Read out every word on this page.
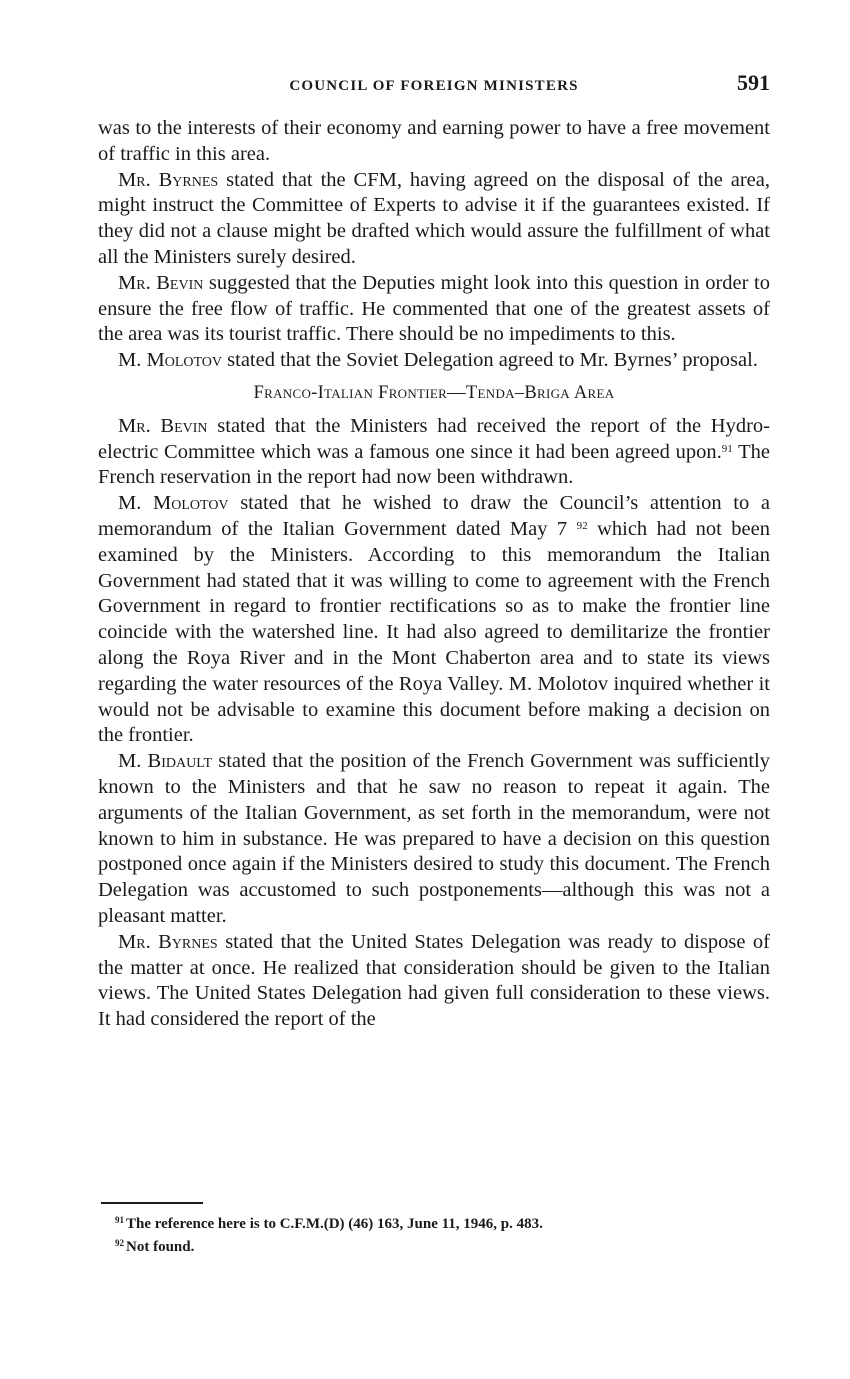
COUNCIL OF FOREIGN MINISTERS	591

was to the interests of their economy and earning power to have a free movement of traffic in this area.

Mr. Byrnes stated that the CFM, having agreed on the disposal of the area, might instruct the Committee of Experts to advise it if the guarantees existed. If they did not a clause might be drafted which would assure the fulfillment of what all the Ministers surely desired.

Mr. Bevin suggested that the Deputies might look into this question in order to ensure the free flow of traffic. He commented that one of the greatest assets of the area was its tourist traffic. There should be no impediments to this.

M. Molotov stated that the Soviet Delegation agreed to Mr. Byrnes’ proposal.

Franco-Italian Frontier—Tenda–Briga Area

Mr. Bevin stated that the Ministers had received the report of the Hydro-electric Committee which was a famous one since it had been agreed upon.$^{91}$ The French reservation in the report had now been withdrawn.

M. Molotov stated that he wished to draw the Council’s attention to a memorandum of the Italian Government dated May 7 $^{92}$ which had not been examined by the Ministers. According to this memorandum the Italian Government had stated that it was willing to come to agreement with the French Government in regard to frontier rectifications so as to make the frontier line coincide with the watershed line. It had also agreed to demilitarize the frontier along the Roya River and in the Mont Chaberton area and to state its views regarding the water resources of the Roya Valley. M. Molotov inquired whether it would not be advisable to examine this document before making a decision on the frontier.

M. Bidault stated that the position of the French Government was sufficiently known to the Ministers and that he saw no reason to repeat it again. The arguments of the Italian Government, as set forth in the memorandum, were not known to him in substance. He was prepared to have a decision on this question postponed once again if the Ministers desired to study this document. The French Delegation was accustomed to such postponements—although this was not a pleasant matter.

Mr. Byrnes stated that the United States Delegation was ready to dispose of the matter at once. He realized that consideration should be given to the Italian views. The United States Delegation had given full consideration to these views. It had considered the report of the

$^{91}$ The reference here is to C.F.M.(D) (46) 163, June 11, 1946, p. 483.
$^{92}$ Not found.
